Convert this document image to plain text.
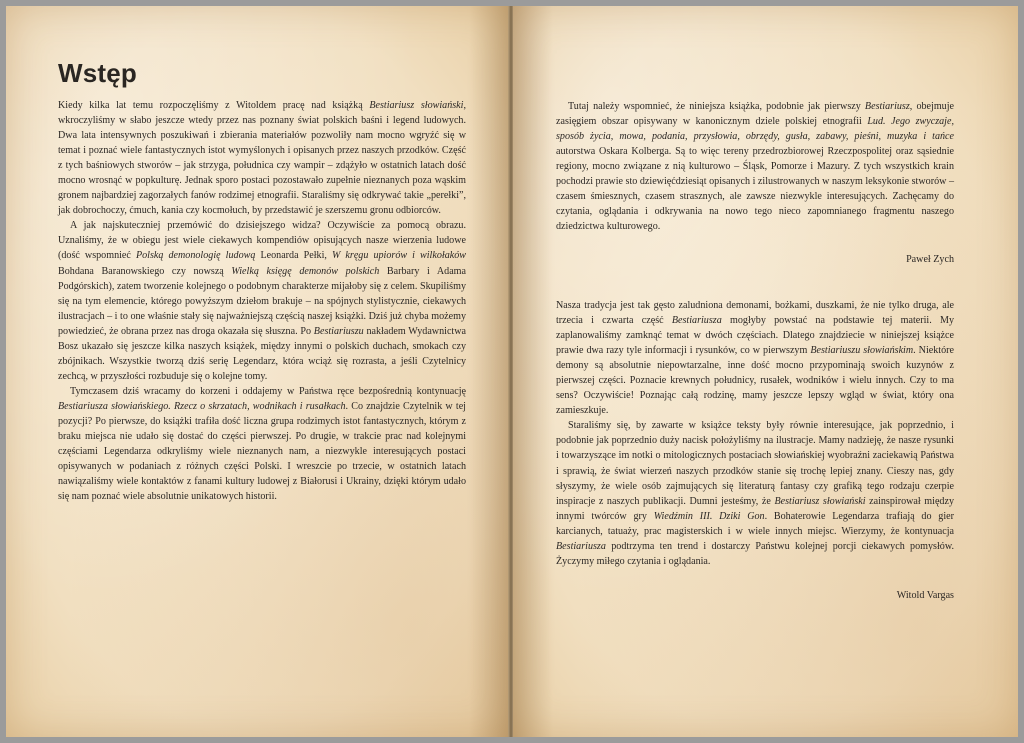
Wstęp

Kiedy kilka lat temu rozpoczęliśmy z Witoldem pracę nad książką Bestiariusz słowiański, wkroczyliśmy w słabo jeszcze wtedy przez nas poznany świat polskich baśni i legend ludowych. Dwa lata intensywnych poszukiwań i zbierania materiałów pozwoliły nam mocno wgryźć się w temat i poznać wiele fantastycznych istot wymyślonych i opisanych przez naszych przodków. Część z tych baśniowych stworów – jak strzyga, południca czy wampir – zdążyło w ostatnich latach dość mocno wrosnąć w popkulturę. Jednak sporo postaci pozostawało zupełnie nieznanych poza wąskim gronem najbardziej zagorzałych fanów rodzimej etnografii. Staraliśmy się odkrywać takie „perełki”, jak dobrochoczy, ćmuch, kania czy kocmołuch, by przedstawić je szerszemu gronu odbiorców.

A jak najskuteczniej przemówić do dzisiejszego widza? Oczywiście za pomocą obrazu. Uznaliśmy, że w obiegu jest wiele ciekawych kompendiów opisujących nasze wierzenia ludowe (dość wspomnieć Polską demonologię ludową Leonarda Pełki, W kręgu upiorów i wilkołaków Bohdana Baranowskiego czy nowszą Wielką księgę demonów polskich Barbary i Adama Podgórskich), zatem tworzenie kolejnego o podobnym charakterze mijałoby się z celem. Skupiliśmy się na tym elemencie, którego powyższym dziełom brakuje – na spójnych stylistycznie, ciekawych ilustracjach – i to one właśnie stały się najważniejszą częścią naszej książki. Dziś już chyba możemy powiedzieć, że obrana przez nas droga okazała się słuszna. Po Bestiariuszu nakładem Wydawnictwa Bosz ukazało się jeszcze kilka naszych książek, między innymi o polskich duchach, smokach czy zbójnikach. Wszystkie tworzą dziś serię Legendarz, która wciąż się rozrasta, a jeśli Czytelnicy zechcą, w przyszłości rozbuduje się o kolejne tomy.

Tymczasem dziś wracamy do korzeni i oddajemy w Państwa ręce bezpośrednią kontynuację Bestiariusza słowiańskiego. Rzecz o skrzatach, wodnikach i rusałkach. Co znajdzie Czytelnik w tej pozycji? Po pierwsze, do książki trafiła dość liczna grupa rodzimych istot fantastycznych, którym z braku miejsca nie udało się dostać do części pierwszej. Po drugie, w trakcie prac nad kolejnymi częściami Legendarza odkryliśmy wiele nieznanych nam, a niezwykle interesujących postaci opisywanych w podaniach z różnych części Polski. I wreszcie po trzecie, w ostatnich latach nawiązaliśmy wiele kontaktów z fanami kultury ludowej z Białorusi i Ukrainy, dzięki którym udało się nam poznać wiele absolutnie unikatowych historii.

Tutaj należy wspomnieć, że niniejsza książka, podobnie jak pierwszy Bestiariusz, obejmuje zasięgiem obszar opisywany w kanonicznym dziele polskiej etnografii Lud. Jego zwyczaje, sposób życia, mowa, podania, przysłowia, obrzędy, gusła, zabawy, pieśni, muzyka i tańce autorstwa Oskara Kolberga. Są to więc tereny przedrozbiorowej Rzeczpospolitej oraz sąsiednie regiony, mocno związane z nią kulturowo – Śląsk, Pomorze i Mazury. Z tych wszystkich krain pochodzi prawie sto dziewięćdziesiąt opisanych i zilustrowanych w naszym leksykonie stworów – czasem śmiesznych, czasem strasznych, ale zawsze niezwykle interesujących. Zachęcamy do czytania, oglądania i odkrywania na nowo tego nieco zapomnianego fragmentu naszego dziedzictwa kulturowego.

Paweł Zych

Nasza tradycja jest tak gęsto zaludniona demonami, bożkami, duszkami, że nie tylko druga, ale trzecia i czwarta część Bestiariusza mogłyby powstać na podstawie tej materii. My zaplanowaliśmy zamknąć temat w dwóch częściach. Dlatego znajdziecie w niniejszej książce prawie dwa razy tyle informacji i rysunków, co w pierwszym Bestiariuszu słowiańskim. Niektóre demony są absolutnie niepowtarzalne, inne dość mocno przypominają swoich kuzynów z pierwszej części. Poznacie krewnych południcy, rusałek, wodników i wielu innych. Czy to ma sens? Oczywiście! Poznając całą rodzinę, mamy jeszcze lepszy wgląd w świat, który ona zamieszkuje.

Staraliśmy się, by zawarte w książce teksty były równie interesujące, jak poprzednio, i podobnie jak poprzednio duży nacisk położyliśmy na ilustracje. Mamy nadzieję, że nasze rysunki i towarzyszące im notki o mitologicznych postaciach słowiańskiej wyobraźni zaciekawią Państwa i sprawią, że świat wierzeń naszych przodków stanie się trochę lepiej znany. Cieszy nas, gdy słyszymy, że wiele osób zajmujących się literaturą fantasy czy grafiką tego rodzaju czerpie inspiracje z naszych publikacji. Dumni jesteśmy, że Bestiariusz słowiański zainspirował między innymi twórców gry Wiedźmin III. Dziki Gon. Bohaterowie Legendarza trafiają do gier karcianych, tatuaży, prac magisterskich i w wiele innych miejsc. Wierzymy, że kontynuacja Bestiariusza podtrzyma ten trend i dostarczy Państwu kolejnej porcji ciekawych pomysłów. Życzymy miłego czytania i oglądania.

Witold Vargas
